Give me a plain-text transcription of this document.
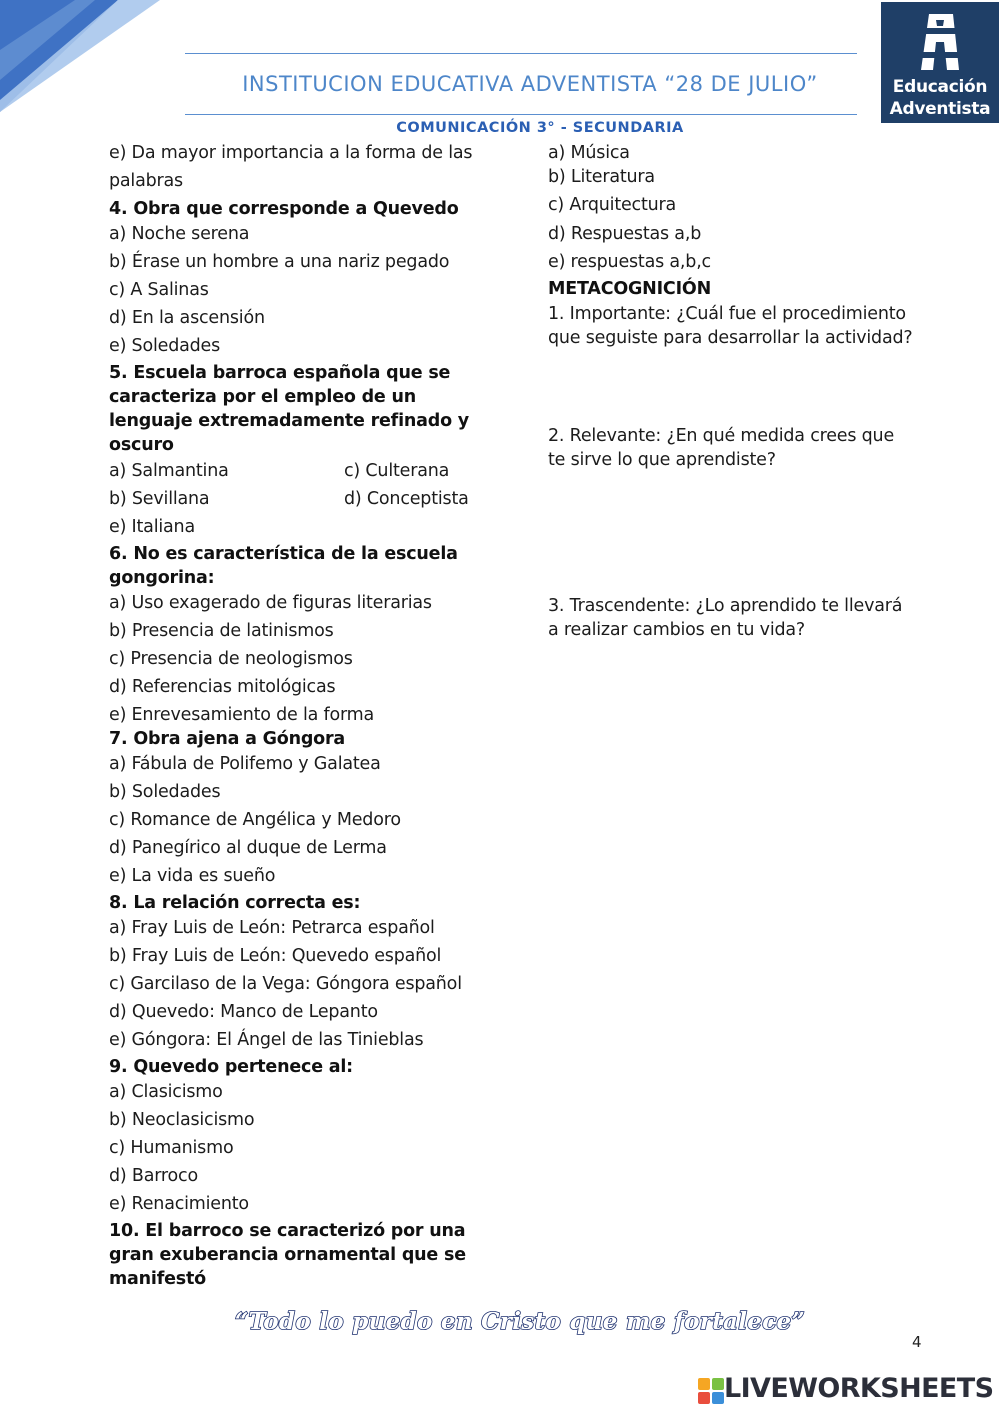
INSTITUCION EDUCATIVA ADVENTISTA “28 DE JULIO”
COMUNICACIÓN 3° - SECUNDARIA
Educación
Adventista
e) Da mayor importancia a la forma de las
palabras
4. Obra que corresponde a Quevedo
a) Noche serena
b) Érase un hombre a una nariz pegado
c) A Salinas
d) En la ascensión
e) Soledades
5. Escuela barroca española que se
caracteriza por el empleo de un
lenguaje extremadamente refinado y
oscuro
a) Salmantina	c) Culterana
b) Sevillana	d) Conceptista
e) Italiana
6. No es característica de la escuela
gongorina:
a) Uso exagerado de figuras literarias
b) Presencia de latinismos
c) Presencia de neologismos
d) Referencias mitológicas
e) Enrevesamiento de la forma
7. Obra ajena a Góngora
a) Fábula de Polifemo y Galatea
b) Soledades
c) Romance de Angélica y Medoro
d) Panegírico al duque de Lerma
e) La vida es sueño
8. La relación correcta es:
a) Fray Luis de León: Petrarca español
b) Fray Luis de León: Quevedo español
c) Garcilaso de la Vega: Góngora español
d) Quevedo: Manco de Lepanto
e) Góngora: El Ángel de las Tinieblas
9. Quevedo pertenece al:
a) Clasicismo
b) Neoclasicismo
c) Humanismo
d) Barroco
e) Renacimiento
10. El barroco se caracterizó por una
gran exuberancia ornamental que se
manifestó
a) Música
b) Literatura
c) Arquitectura
d) Respuestas a,b
e) respuestas a,b,c
METACOGNICIÓN
1. Importante: ¿Cuál fue el procedimiento
que seguiste para desarrollar la actividad?
2. Relevante: ¿En qué medida crees que
te sirve lo que aprendiste?
3. Trascendente: ¿Lo aprendido te llevará
a realizar cambios en tu vida?
“Todo lo puedo en Cristo que me fortalece”
4
LIVEWORKSHEETS
